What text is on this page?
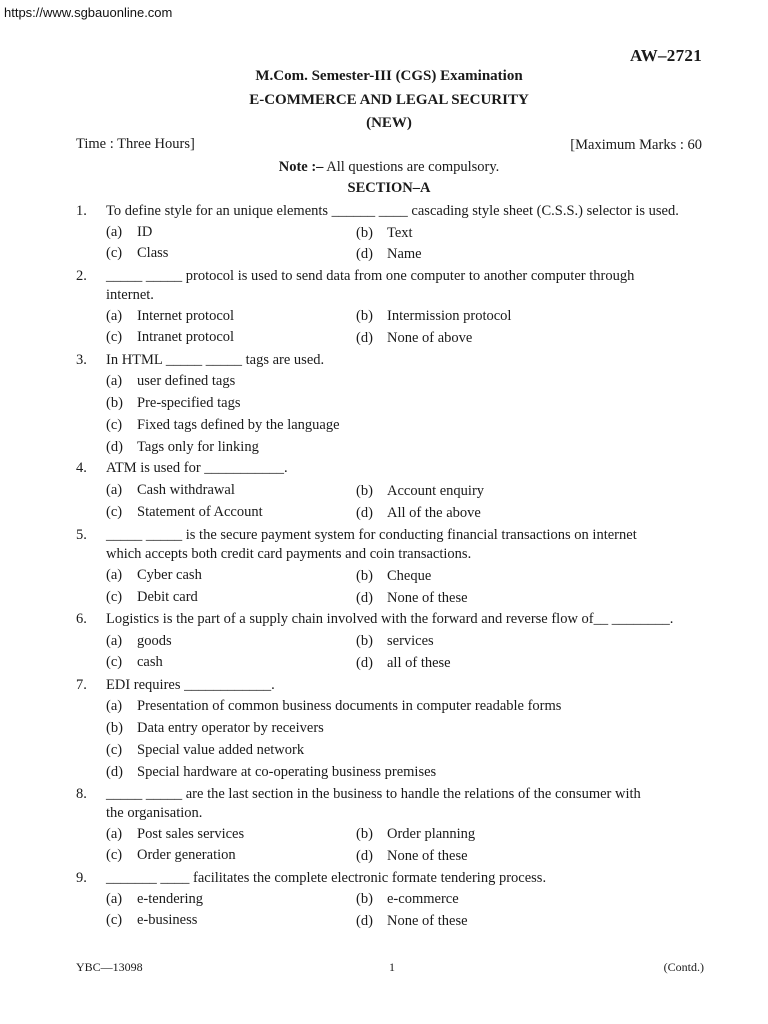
https://www.sgbauonline.com
AW–2721
M.Com. Semester-III (CGS) Examination
E-COMMERCE AND LEGAL SECURITY
(NEW)
Time : Three Hours]	[Maximum Marks : 60
Note :– All questions are compulsory.
SECTION–A
1. To define style for an unique elements ______ ____ cascading style sheet (C.S.S.) selector is used.
(a) ID	(b) Text
(c) Class	(d) Name
2. _____ _____ protocol is used to send data from one computer to another computer through
internet.
(a) Internet protocol	(b) Intermission protocol
(c) Intranet protocol	(d) None of above
3. In HTML _____ _____ tags are used.
(a) user defined tags
(b) Pre-specified tags
(c) Fixed tags defined by the language
(d) Tags only for linking
4. ATM is used for ___________.
(a) Cash withdrawal	(b) Account enquiry
(c) Statement of Account	(d) All of the above
5. _____ _____ is the secure payment system for conducting financial transactions on internet
which accepts both credit card payments and coin transactions.
(a) Cyber cash	(b) Cheque
(c) Debit card	(d) None of these
6. Logistics is the part of a supply chain involved with the forward and reverse flow of__ ________.
(a) goods	(b) services
(c) cash	(d) all of these
7. EDI requires ____________.
(a) Presentation of common business documents in computer readable forms
(b) Data entry operator by receivers
(c) Special value added network
(d) Special hardware at co-operating business premises
8. _____ _____ are the last section in the business to handle the relations of the consumer with
the organisation.
(a) Post sales services	(b) Order planning
(c) Order generation	(d) None of these
9. _______ ____ facilitates the complete electronic formate tendering process.
(a) e-tendering	(b) e-commerce
(c) e-business	(d) None of these
YBC—13098	1	(Contd.)
